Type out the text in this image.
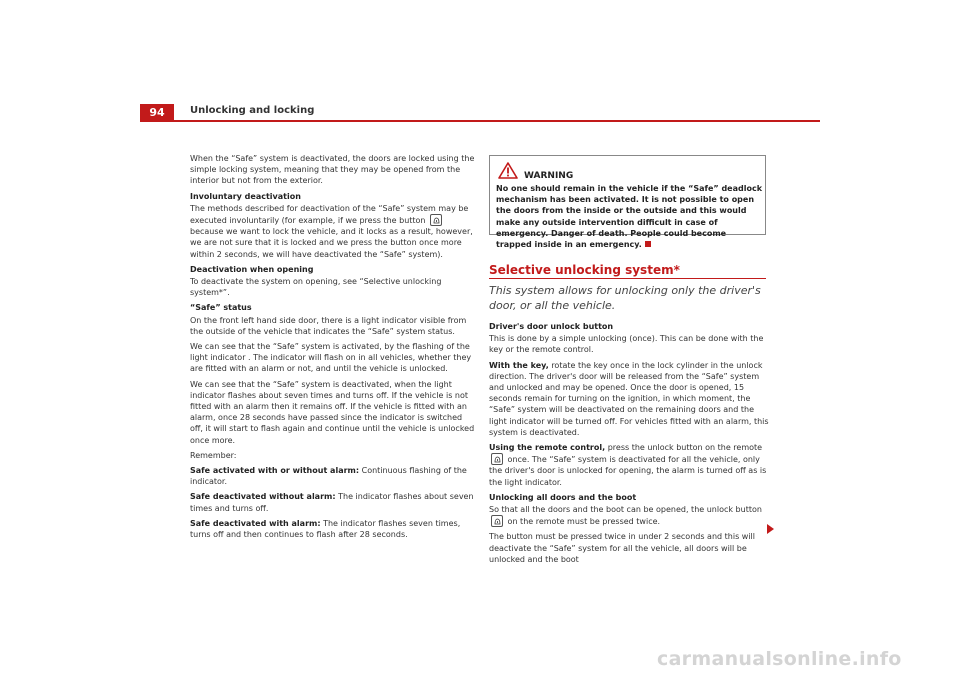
94	Unlocking and locking

When the “Safe” system is deactivated, the doors are locked using the simple locking system, meaning that they may be opened from the interior but not from the exterior.

Involuntary deactivation

The methods described for deactivation of the “Safe” system may be executed involuntarily (for example, if we press the button
because we want to lock the vehicle, and it locks as a result, however, we are not sure that it is locked and we press the button once more within 2 seconds, we will have deactivated the “Safe” system).

Deactivation when opening

To deactivate the system on opening, see “Selective unlocking system*”.

“Safe” status

On the front left hand side door, there is a light indicator visible from the outside of the vehicle that indicates the “Safe” system status.

We can see that the “Safe” system is activated, by the flashing of the light indicator . The indicator will flash on in all vehicles, whether they are fitted with an alarm or not, and until the vehicle is unlocked.

We can see that the “Safe” system is deactivated, when the light indicator flashes about seven times and turns off. If the vehicle is not fitted with an alarm then it remains off. If the vehicle is fitted with an alarm, once 28 seconds have passed since the indicator is switched off, it will start to flash again and continue until the vehicle is unlocked once more.

Remember:

Safe activated with or without alarm: Continuous flashing of the indicator.

Safe deactivated without alarm: The indicator flashes about seven times and turns off.

Safe deactivated with alarm: The indicator flashes seven times, turns off and then continues to flash after 28 seconds.

WARNING
No one should remain in the vehicle if the “Safe” deadlock mechanism has been activated. It is not possible to open the doors from the inside or the outside and this would make any outside intervention difficult in case of emergency. Danger of death. People could become trapped inside in an emergency.
Selective unlocking system*
This system allows for unlocking only the driver's door, or all the vehicle.
Driver's door unlock button

This is done by a simple unlocking (once). This can be done with the key or the remote control.

With the key, rotate the key once in the lock cylinder in the unlock direction. The driver's door will be released from the “Safe” system and unlocked and may be opened. Once the door is opened, 15 seconds remain for turning on the ignition, in which moment, the “Safe” system will be deactivated on the remaining doors and the light indicator will be turned off. For vehicles fitted with an alarm, this system is deactivated.

Using the remote control, press the unlock button on the remote
once. The “Safe” system is deactivated for all the vehicle, only the driver's door is unlocked for opening, the alarm is turned off as is the light indicator.

Unlocking all doors and the boot

So that all the doors and the boot can be opened, the unlock button
on the remote must be pressed twice.

The button must be pressed twice in under 2 seconds and this will deactivate the “Safe” system for all the vehicle, all doors will be unlocked and the boot

carmanualsonline.info
